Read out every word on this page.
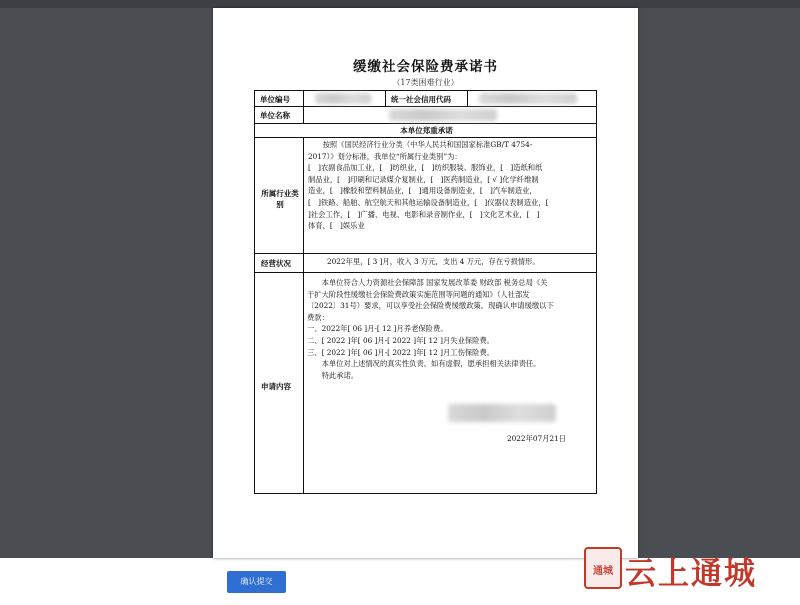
缓缴社会保险费承诺书
（17类困难行业）
单位编号	统一社会信用代码
单位名称
本单位郑重承诺
所属行业类别
　　按照《国民经济行业分类（中华人民共和国国家标准GB/T 4754-
2017）》划分标准，我单位“所属行业类别”为：
[　]农副食品加工业，[　]纺织业，[　]纺织服装、服饰业，[　]造纸和纸
制品业，[　]印刷和记录媒介复制业，[　]医药制造业，[ √ ]化学纤维制
造业，[　]橡胶和塑料制品业，[　]通用设备制造业，[　]汽车制造业，
[　]铁路、船舶、航空航天和其他运输设备制造业，[　]仪器仪表制造业，[
]社会工作，[　]广播、电视、电影和录音制作业，[　]文化艺术业，[　]
体育，[　]娱乐业
经营状况	2022年里，[ 3 ]月，收入 3 万元，支出 4 万元，存在亏损情形。
申请内容
　　本单位符合人力资源社会保障部 国家发展改革委 财政部 税务总局《关
于扩大阶段性缓缴社会保险费政策实施范围等问题的通知》（人社部发
〔2022〕31号）要求，可以享受社会保险费缓缴政策。现确认申请缓缴以下
费款：
一、2022年[ 06 ]月-[ 12 ]月养老保险费。
二、[ 2022 ]年[ 06 ]月-[ 2022 ]年[ 12 ]月失业保险费。
三、[ 2022 ]年[ 06 ]月-[ 2022 ]年[ 12 ]月工伤保险费。
　　本单位对上述情况的真实性负责。如有虚假，愿承担相关法律责任。
　　特此承诺。
2022年07月21日
确认提交
通城 云上通城
